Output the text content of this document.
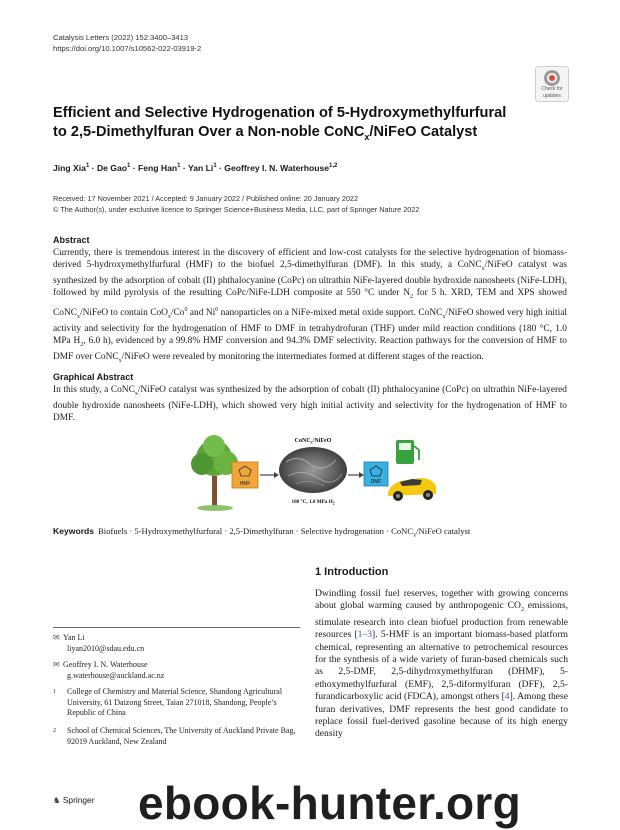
Catalysis Letters (2022) 152:3400–3413
https://doi.org/10.1007/s10562-022-03919-2
Check for
updates
Efficient and Selective Hydrogenation of 5-Hydroxymethylfurfural
to 2,5-Dimethylfuran Over a Non-noble CoNC$_x$/NiFeO Catalyst
Jing Xia$^1$ · De Gao$^1$ · Feng Han$^1$ · Yan $Li^1$ · Geoffrey I. N. Waterhouse$^{1,2}$
Received: 17 November 2021 / Accepted: 9 January 2022 / Published online: 20 January 2022
© The Author(s), under exclusive licence to Springer Science+Business Media, LLC, part of Springer Nature 2022
Abstract
Currently, there is tremendous interest in the discovery of efficient and low-cost catalysts for the selective hydrogenation of biomass-derived 5-hydroxymethylfurfural (HMF) to the biofuel 2,5-dimethylfuran (DMF). In this study, a CoNC$_x$/NiFeO catalyst was synthesized by the adsorption of cobalt (II) phthalocyanine (CoPc) on ultrathin NiFe-layered double hydroxide nanosheets (NiFe-LDH), followed by mild pyrolysis of the resulting CoPc/NiFe-LDH composite at 550 °C under $N_2$ for 5 h. XRD, TEM and XPS showed CoNC$_x$/NiFeO to contain $CoO_x/Co^0$ and Ni$^0$ nanoparticles on a NiFe-mixed metal oxide support. CoNC$_x$/NiFeO showed very high initial activity and selectivity for the hydrogenation of HMF to DMF in tetrahydrofuran (THF) under mild reaction conditions (180 °C, 1.0 MPa $H_2$, 6.0 h), evidenced by a 99.8% HMF conversion and 94.3% DMF selectivity. Reaction pathways for the conversion of HMF to DMF over CoNC$_x$/NiFeO were revealed by monitoring the intermediates formed at different stages of the reaction.
Graphical Abstract
In this study, a CoNC$_x$/NiFeO catalyst was synthesized by the adsorption of cobalt (II) phthalocyanine (CoPc) on ultrathin NiFe-layered double hydroxide nanosheets (NiFe-LDH), which showed very high initial activity and selectivity for the hydrogenation of HMF to DMF.
HMF
CoNC$_x$/NiFeO
180 °C, 1.0 MPa $H_2$
DMF
Keywords Biofuels · 5-Hydroxymethylfurfural · 2,5-Dimethylfuran · Selective hydrogenation · CoNC$_x$/NiFeO catalyst
1 Introduction
Dwindling fossil fuel reserves, together with growing concerns about global warming caused by anthropogenic $CO_2$ emissions, stimulate research into clean biofuel production from renewable resources [1–3]. 5-HMF is an important biomass-based platform chemical, representing an alternative to petrochemical resources for the synthesis of a wide variety of furan-based chemicals such as 2,5-DMF, 2,5-dihydroxymethylfuran (DHMF), 5-ethoxymethylfurfural (EMF), 2,5-diformylfuran (DFF), 2,5-furandicarboxylic acid (FDCA), amongst others [4]. Among these furan derivatives, DMF represents the best good candidate to replace fossil fuel-derived gasoline because of its high energy density
✉ Yan Li
liyan2010@sdau.edu.cn
✉ Geoffrey I. N. Waterhouse
g.waterhouse@auckland.ac.nz
1	College of Chemistry and Material Science, Shandong Agricultural University, 61 Daizong Street, Taian 271018, Shandong, People’s Republic of China
2	School of Chemical Sciences, The University of Auckland Private Bag, 92019 Auckland, New Zealand
♞ Springer ebook-hunter.org
